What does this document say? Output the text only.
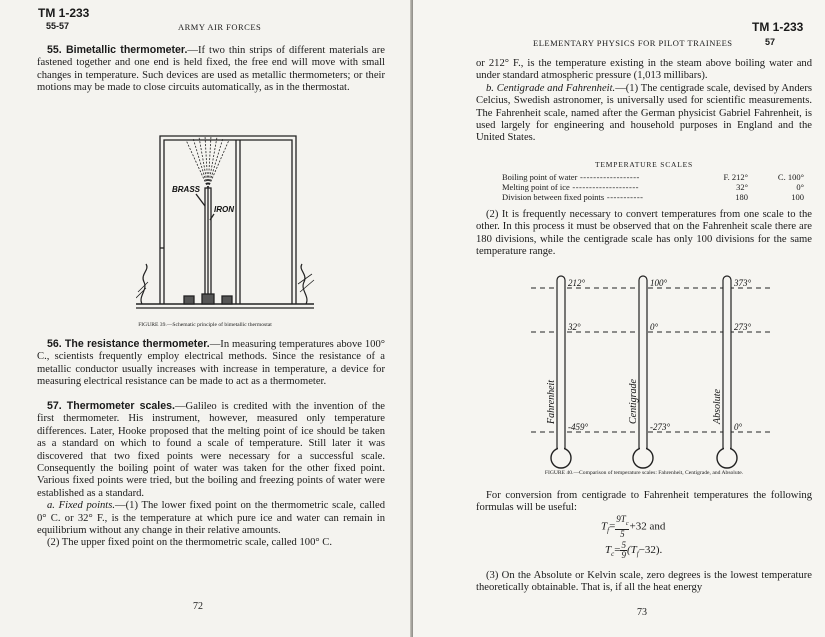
TM 1-233
55-57	ARMY AIR FORCES

55. Bimetallic thermometer.—If two thin strips of different materials are fastened together and one end is held fixed, the free end will move with small changes in temperature. Such devices are used as metallic thermometers; or their motions may be made to close circuits automatically, as in the thermostat.

BRASS
IRON
FIGURE 39.—Schematic principle of bimetallic thermostat

56. The resistance thermometer.—In measuring temperatures above 100° C., scientists frequently employ electrical methods. Since the resistance of a metallic conductor usually increases with increase in temperature, a device for measuring electrical resistance can be made to act as a thermometer.

57. Thermometer scales.—Galileo is credited with the invention of the first thermometer. His instrument, however, measured only temperature differences. Later, Hooke proposed that the melting point of ice should be taken as a standard on which to found a scale of temperature. Still later it was discovered that two fixed points were necessary for a successful scale. Consequently the boiling point of water was taken for the other fixed point. Various fixed points were tried, but the boiling and freezing points of water were established as a standard.

a. Fixed points.—(1) The lower fixed point on the thermometric scale, called 0° C. or 32° F., is the temperature at which pure ice and water can remain in equilibrium without any change in their relative amounts.

(2) The upper fixed point on the thermometric scale, called 100° C.

72
TM 1-233
ELEMENTARY PHYSICS FOR PILOT TRAINEES	57

or 212° F., is the temperature existing in the steam above boiling water and under standard atmospheric pressure (1,013 millibars).

b. Centigrade and Fahrenheit.—(1) The centigrade scale, devised by Anders Celcius, Swedish astronomer, is universally used for scientific measurements. The Fahrenheit scale, named after the German physicist Gabriel Fahrenheit, is used largely for engineering and household purposes in England and the United States.

TEMPERATURE SCALES
Boiling point of water ------------------	F. 212°	C. 100°
Melting point of ice --------------------	32°	0°
Division between fixed points -----------	180	100

(2) It is frequently necessary to convert temperatures from one scale to the other. In this process it must be observed that on the Fahrenheit scale there are 180 divisions, while the centigrade scale has only 100 divisions for the same temperature range.

212°
32°
-459°
Fahrenheit
100°
0°
-273°
Centigrade
373°
273°
0°
Absolute
FIGURE 40.—Comparison of temperature scales: Fahrenheit, Centigrade, and Absolute.

For conversion from centigrade to Fahrenheit temperatures the following formulas will be useful:

$T_f= \frac{9T_c}{5} +32$ and
$T_c= \frac{5}{9} (T_f-32)$.

(3) On the Absolute or Kelvin scale, zero degrees is the lowest temperature theoretically obtainable. That is, if all the heat energy

73
